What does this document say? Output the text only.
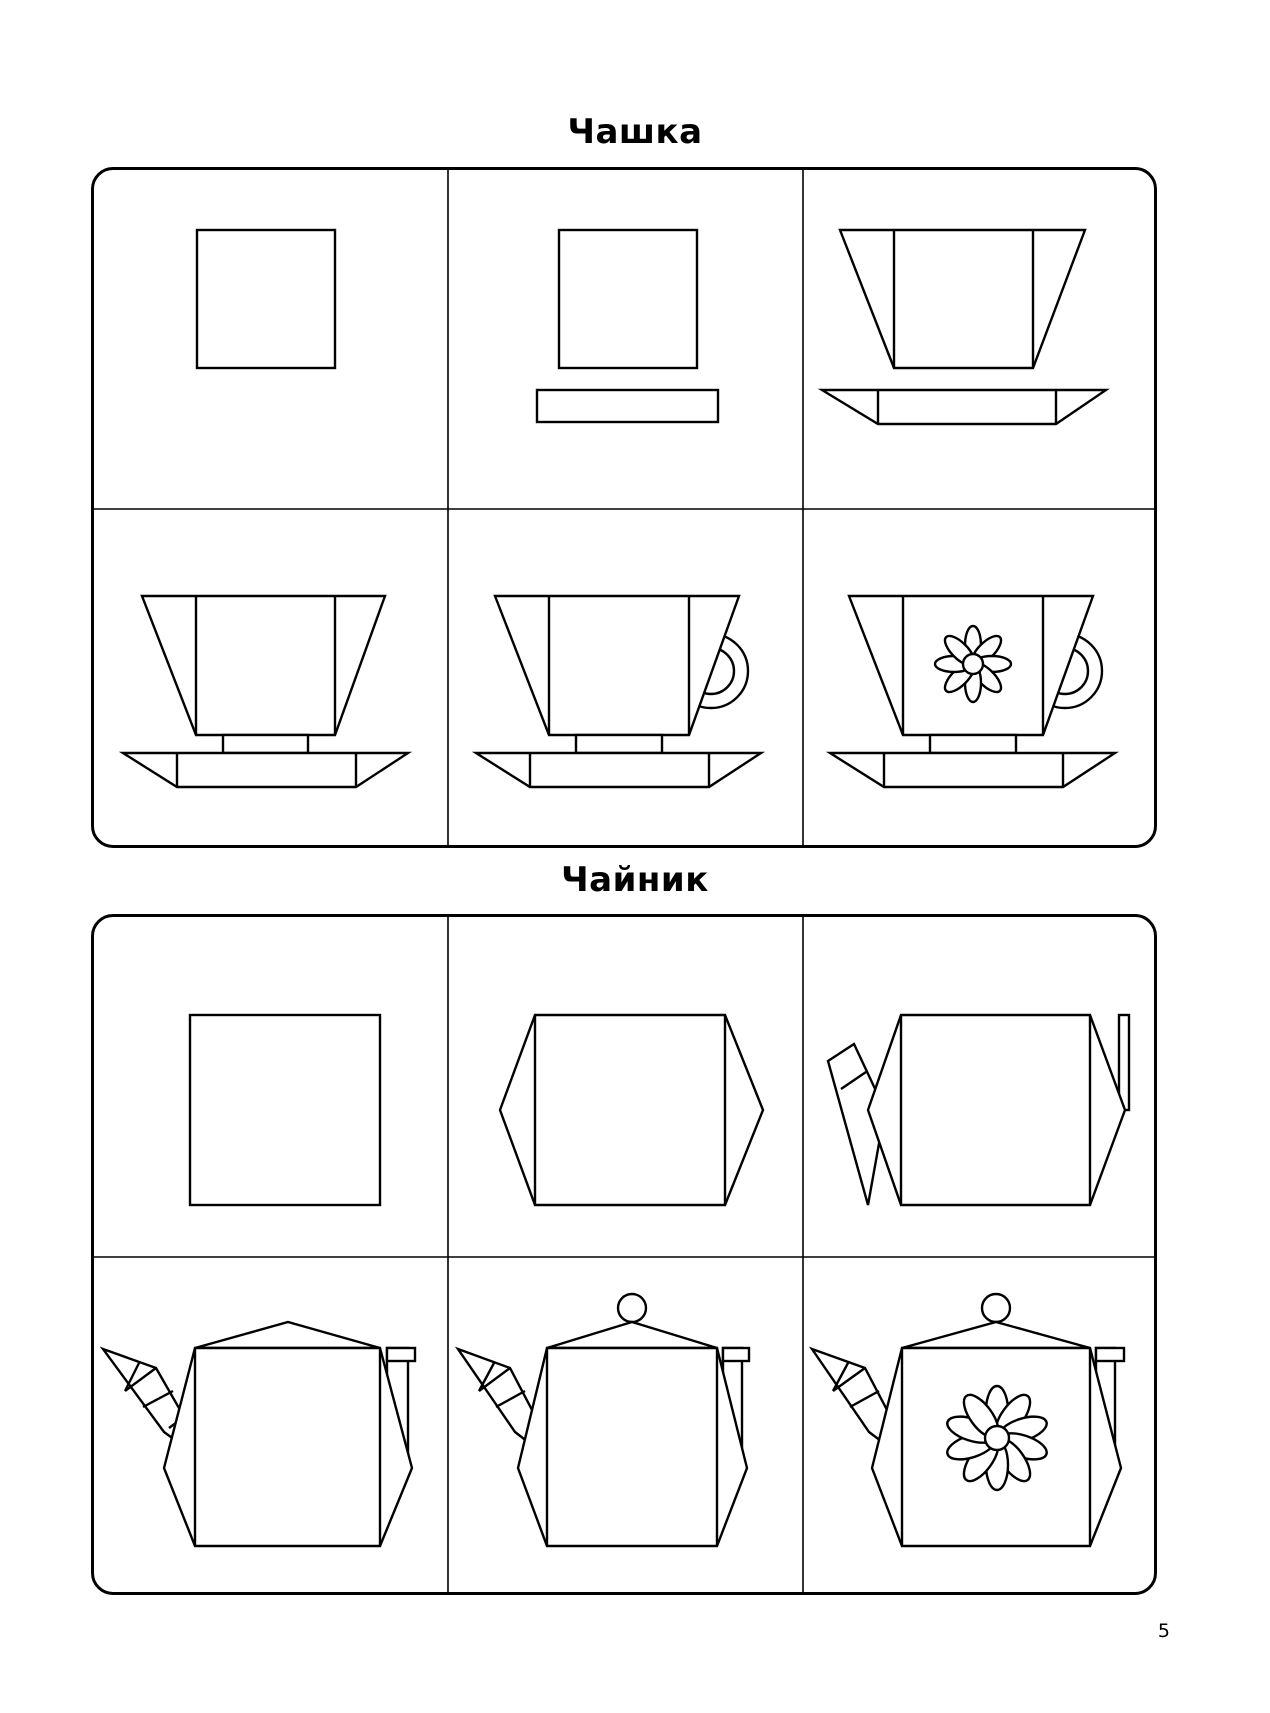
Чашка
Чайник
5
